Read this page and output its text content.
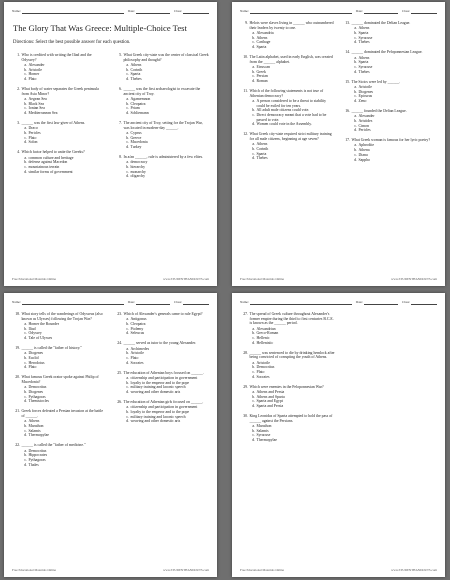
Name:	Date:	Class:
The Glory That Was Greece: Multiple-Choice Test
Directions: Select the best possible answer for each question.
1. Who is credited with writing the Iliad and the Odyssey?
a. Alexander
b. Aristotle
c. Homer
d. Plato
2. What body of water separates the Greek peninsula from Asia Minor?
a. Aegean Sea
b. Black Sea
c. Ionian Sea
d. Mediterranean Sea
3. ______ was the first law-giver of Athens.
a. Draco
b. Pericles
c. Plato
d. Solon
4. Which factor helped to unite the Greeks?
a. common culture and heritage
b. defense against Macedon
c. mountainous terrain
d. similar forms of government
5. What Greek city-state was the center of classical Greek philosophy and thought?
a. Athens
b. Corinth
c. Sparta
d. Thebes
6. ______ was the first archaeologist to excavate the ancient city of Troy.
a. Agamemnon
b. Cleopatra
c. Priam
d. Schliemann
7. The ancient city of Troy, setting for the Trojan War, was located in modern-day ______.
a. Cyprus
b. Greece
c. Macedonia
d. Turkey
8. In a/an ______, rule is administered by a few elites.
a. democracy
b. hierarchy
c. monarchy
d. oligarchy
Free Educational Materials Online	www.STUDENTHANDOUTS.com
Name:	Date:	Class:
9. Helots were slaves living in ______ who outnumbered their leaders by twenty to one.
a. Alexandria
b. Athens
c. Carthage
d. Sparta
10. The Latin alphabet, used in early English, was created from the ______ alphabet.
a. Etruscan
b. Greek
c. Persian
d. Roman
11. Which of the following statements is not true of Athenian democracy?
a. A person considered to be a threat to stability could be exiled for ten years.
b. All adult male citizens could vote.
c. Direct democracy meant that a vote had to be passed to vote.
d. Women could vote in the Assembly.
12. What Greek city-state required strict military training for all male citizens, beginning at age seven?
a. Athens
b. Corinth
c. Sparta
d. Thebes
13. ______ dominated the Delian League.
a. Athens
b. Sparta
c. Syracuse
d. Thebes
14. ______ dominated the Peloponnesian League.
a. Athens
b. Sparta
c. Syracuse
d. Thebes
15. The Stoics were led by ______.
a. Aristotle
b. Diogenes
c. Epicurus
d. Zeno
16. ______ founded the Delian League.
a. Alexander
b. Aristides
c. Cimon
d. Pericles
17. What Greek woman is famous for her lyric poetry?
a. Aphrodite
b. Athena
c. Diana
d. Sappho
Free Educational Materials Online	www.STUDENTHANDOUTS.com
Name:	Date:	Class:
18. What story tells of the wanderings of Odysseus (also known as Ulysses) following the Trojan War?
a. Homer the Rounder
b. Iliad
c. Odyssey
d. Tale of Ulysses
19. ______ is called the "father of history."
a. Diogenes
b. Euclid
c. Herodotus
d. Plato
20. What famous Greek orator spoke against Philip of Macedonia?
a. Democritus
b. Diogenes
c. Pythagoras
d. Themistocles
21. Greek forces defeated a Persian invasion at the battle of ______.
a. Athens
b. Marathon
c. Salamis
d. Thermopylae
22. ______ is called the "father of medicine."
a. Democritus
b. Hippocrates
c. Pythagoras
d. Thales
23. Which of Alexander's generals came to rule Egypt?
a. Antigonus
b. Cleopatra
c. Ptolemy
d. Seleucus
24. ______ served as tutor to the young Alexander.
a. Archimedes
b. Aristotle
c. Plato
d. Socrates
25. The education of Athenian boys focused on ______.
a. citizenship and participation in government
b. loyalty to the emperor and to the pope
c. military training and laconic speech
d. weaving and other domestic arts
26. The education of Athenian girls focused on ______.
a. citizenship and participation in government
b. loyalty to the emperor and to the pope
c. military training and laconic speech
d. weaving and other domestic arts
Free Educational Materials Online	www.STUDENTHANDOUTS.com
Name:	Date:	Class:
27. The spread of Greek culture throughout Alexander's former empire during the third to first centuries B.C.E. is known as the ______ period.
a. Alexandrian
b. Greco-Roman
c. Hellenic
d. Hellenistic
28. ______ was sentenced to die by drinking hemlock after being convicted of corrupting the youth of Athens.
a. Aristotle
b. Democritus
c. Plato
d. Socrates
29. Which were enemies in the Peloponnesian War?
a. Athens and Persia
b. Athens and Sparta
c. Sparta and Egypt
d. Sparta and Persia
30. King Leonidas of Sparta attempted to hold the pass of ______ against the Persians.
a. Marathon
b. Salamis
c. Syracuse
d. Thermopylae
Free Educational Materials Online	www.STUDENTHANDOUTS.com
